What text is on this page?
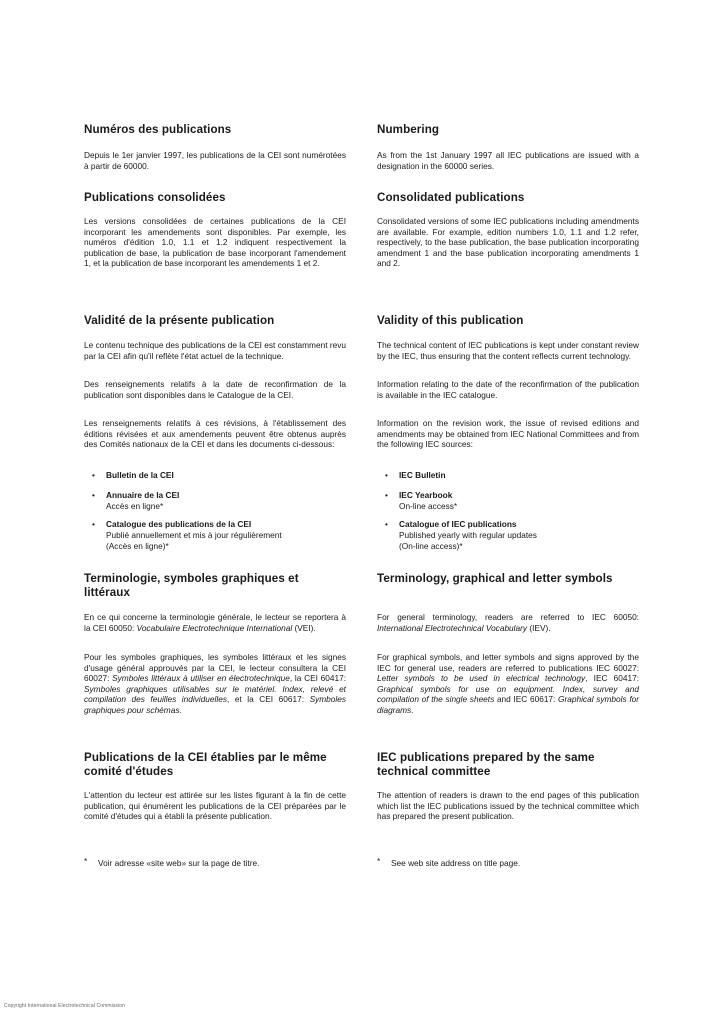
Numéros des publications

Depuis le 1er janvier 1997, les publications de la CEI sont numérotées à partir de 60000.

Publications consolidées

Les versions consolidées de certaines publications de la CEI incorporant les amendements sont disponibles. Par exemple, les numéros d'édition 1.0, 1.1 et 1.2 indiquent respectivement la publication de base, la publication de base incorporant l'amendement 1, et la publication de base incorporant les amendements 1 et 2.

Validité de la présente publication

Le contenu technique des publications de la CEI est constamment revu par la CEI afin qu'il reflète l'état actuel de la technique.

Des renseignements relatifs à la date de reconfirmation de la publication sont disponibles dans le Catalogue de la CEI.

Les renseignements relatifs à ces révisions, à l'établissement des éditions révisées et aux amendements peuvent être obtenus auprès des Comités nationaux de la CEI et dans les documents ci-dessous:

• Bulletin de la CEI
• Annuaire de la CEI
Accès en ligne*
• Catalogue des publications de la CEI
Publié annuellement et mis à jour régulièrement
(Accès en ligne)*
Terminologie, symboles graphiques et littéraux

En ce qui concerne la terminologie générale, le lecteur se reportera à la CEI 60050: Vocabulaire Electrotechnique International (VEI).

Pour les symboles graphiques, les symboles littéraux et les signes d'usage général approuvés par la CEI, le lecteur consultera la CEI 60027: Symboles littéraux à utiliser en électrotechnique, la CEI 60417: Symboles graphiques utilisables sur le matériel. Index, relevé et compilation des feuilles individuelles, et la CEI 60617: Symboles graphiques pour schémas.

Publications de la CEI établies par le même comité d'études

L'attention du lecteur est attirée sur les listes figurant à la fin de cette publication, qui énumèrent les publications de la CEI préparées par le comité d'études qui a établi la présente publication.

* Voir adresse «site web» sur la page de titre.
Numbering

As from the 1st January 1997 all IEC publications are issued with a designation in the 60000 series.

Consolidated publications

Consolidated versions of some IEC publications including amendments are available. For example, edition numbers 1.0, 1.1 and 1.2 refer, respectively, to the base publication, the base publication incorporating amendment 1 and the base publication incorporating amendments 1 and 2.

Validity of this publication

The technical content of IEC publications is kept under constant review by the IEC, thus ensuring that the content reflects current technology.

Information relating to the date of the reconfirmation of the publication is available in the IEC catalogue.

Information on the revision work, the issue of revised editions and amendments may be obtained from IEC National Committees and from the following IEC sources:

• IEC Bulletin
• IEC Yearbook
On-line access*
• Catalogue of IEC publications
Published yearly with regular updates
(On-line access)*
Terminology, graphical and letter symbols

For general terminology, readers are referred to IEC 60050: International Electrotechnical Vocabulary (IEV).

For graphical symbols, and letter symbols and signs approved by the IEC for general use, readers are referred to publications IEC 60027: Letter symbols to be used in electrical technology, IEC 60417: Graphical symbols for use on equipment. Index, survey and compilation of the single sheets and IEC 60617: Graphical symbols for diagrams.

IEC publications prepared by the same technical committee

The attention of readers is drawn to the end pages of this publication which list the IEC publications issued by the technical committee which has prepared the present publication.

* See web site address on title page.
Copyright International Electrotechnical Commission
